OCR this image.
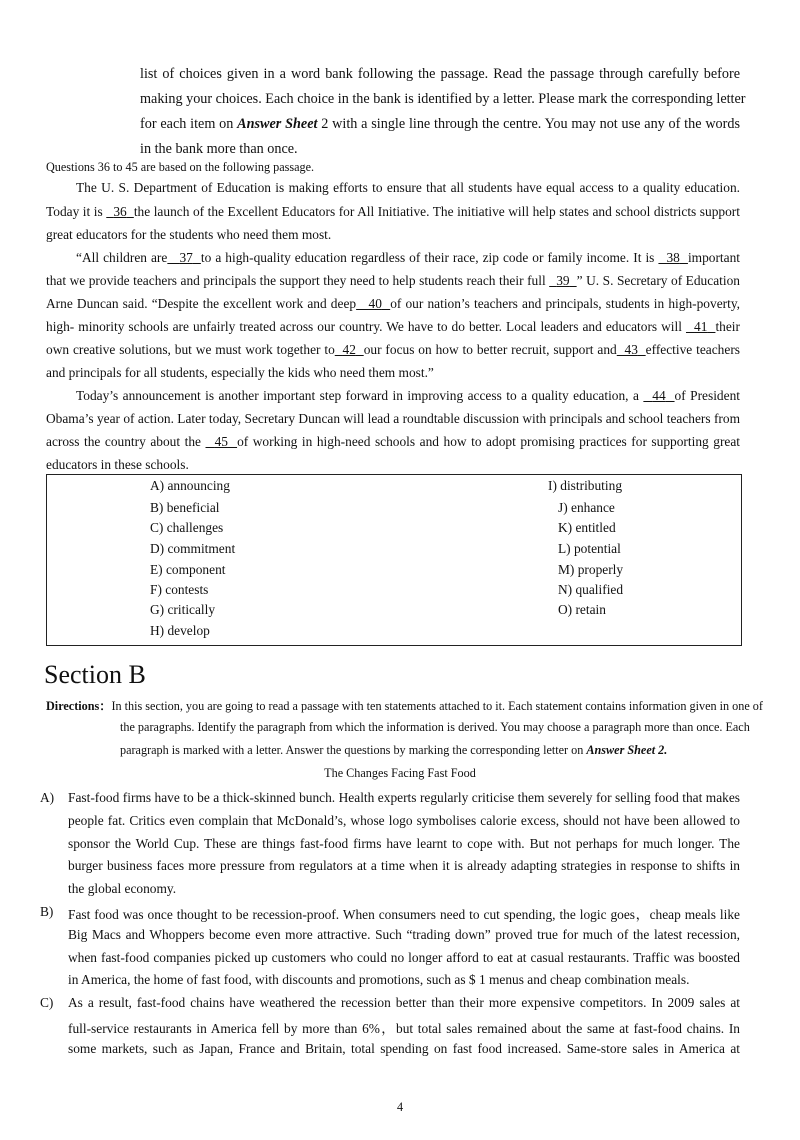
list of choices given in a word bank following the passage. Read the passage through carefully before
making your choices. Each choice in the bank is identified by a letter. Please mark the corresponding letter
for each item on Answer Sheet 2 with a single line through the centre. You may not use any of the words
in the bank more than once.
Questions 36 to 45 are based on the following passage.
The U. S. Department of Education is making efforts to ensure that all students have equal access to a quality education.
Today it is   36 the launch of the Excellent Educators for All Initiative. The initiative will help states and school districts support
great educators for the students who need them most.
“All children are 37 to a high-quality education regardless of their race, zip code or family income. It is   38 important
that we provide teachers and principals the support they need to help students reach their full   39 ” U. S. Secretary of Education
Arne Duncan said. “Despite the excellent work and deep 40 of our nation’s teachers and principals, students in high-poverty,
high- minority schools are unfairly treated across our country. We have to do better. Local leaders and educators will   41 their
own creative solutions, but we must work together to 42 our focus on how to better recruit, support and 43 effective teachers
and principals for all students, especially the kids who need them most.”
Today’s announcement is another important step forward in improving access to a quality education, a   44 of President
Obama’s year of action. Later today, Secretary Duncan will lead a roundtable discussion with principals and school teachers from
across the country about the   45 of working in high-need schools and how to adopt promising practices for supporting great
educators in these schools.
A) announcing
B) beneficial
C) challenges
D) commitment
E) component
F) contests
G) critically
H) develop
I) distributing
J) enhance
K) entitled
L) potential
M) properly
N) qualified
O) retain
Section B
Directions：In this section, you are going to read a passage with ten statements attached to it. Each statement contains information given in one of
the paragraphs. Identify the paragraph from which the information is derived. You may choose a paragraph more than once. Each
paragraph is marked with a letter. Answer the questions by marking the corresponding letter on Answer Sheet 2.
The Changes Facing Fast Food
A) Fast-food firms have to be a thick-skinned bunch. Health experts regularly criticise them severely for selling food that makes
people fat. Critics even complain that McDonald’s, whose logo symbolises calorie excess, should not have been allowed to
sponsor the World Cup. These are things fast-food firms have learnt to cope with. But not perhaps for much longer. The
burger business faces more pressure from regulators at a time when it is already adapting strategies in response to shifts in
the global economy.
B) Fast food was once thought to be recession-proof. When consumers need to cut spending, the logic goes，cheap meals like
Big Macs and Whoppers become even more attractive. Such “trading down” proved true for much of the latest recession,
when fast-food companies picked up customers who could no longer afford to eat at casual restaurants. Traffic was boosted
in America, the home of fast food, with discounts and promotions, such as $ 1 menus and cheap combination meals.
C) As a result, fast-food chains have weathered the recession better than their more expensive competitors. In 2009 sales at
full-service restaurants in America fell by more than 6%，but total sales remained about the same at fast-food chains. In
some markets, such as Japan, France and Britain, total spending on fast food increased. Same-store sales in America at
4
